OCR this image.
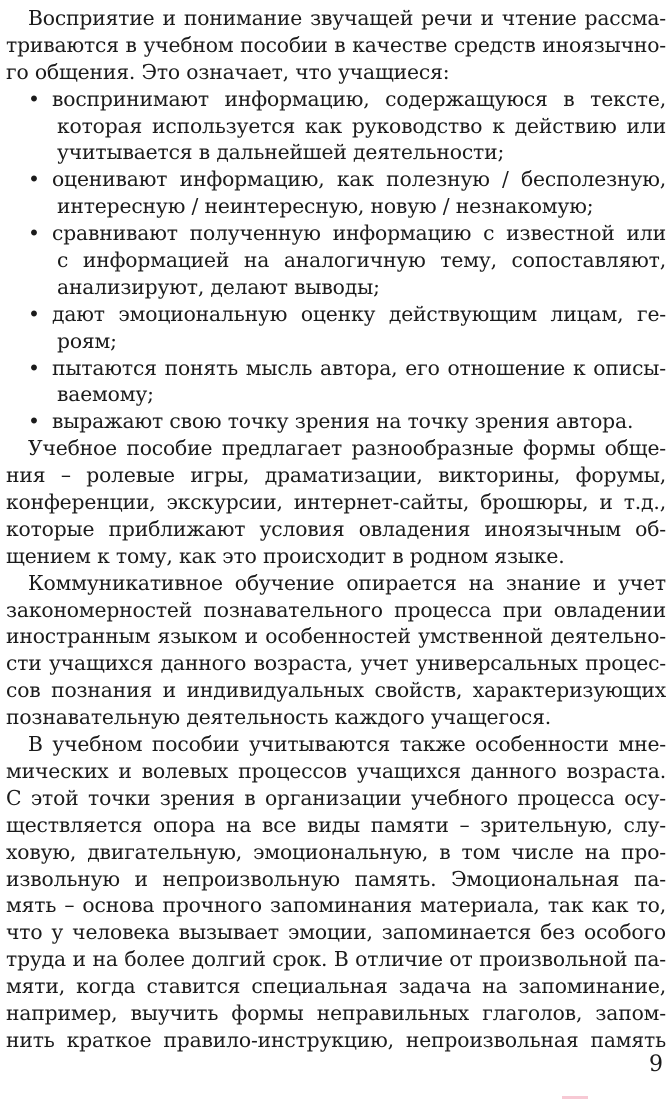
Восприятие и понимание звучащей речи и чтение рассма-
триваются в учебном пособии в качестве средств иноязычно-
го общения. Это означает, что учащиеся:

• воспринимают информацию, содержащуюся в тексте,
которая используется как руководство к действию или
учитывается в дальнейшей деятельности;
• оценивают информацию, как полезную / бесполезную,
интересную / неинтересную, новую / незнакомую;
• сравнивают полученную информацию с известной или
с информацией на аналогичную тему, сопоставляют,
анализируют, делают выводы;
• дают эмоциональную оценку действующим лицам, ге-
роям;
• пытаются понять мысль автора, его отношение к описы-
ваемому;
• выражают свою точку зрения на точку зрения автора.

Учебное пособие предлагает разнообразные формы обще-
ния – ролевые игры, драматизации, викторины, форумы,
конференции, экскурсии, интернет-сайты, брошюры, и т.д.,
которые приближают условия овладения иноязычным об-
щением к тому, как это происходит в родном языке.

Коммуникативное обучение опирается на знание и учет
закономерностей познавательного процесса при овладении
иностранным языком и особенностей умственной деятельно-
сти учащихся данного возраста, учет универсальных процес-
сов познания и индивидуальных свойств, характеризующих
познавательную деятельность каждого учащегося.

В учебном пособии учитываются также особенности мне-
мических и волевых процессов учащихся данного возраста.
С этой точки зрения в организации учебного процесса осу-
ществляется опора на все виды памяти – зрительную, слу-
ховую, двигательную, эмоциональную, в том числе на про-
извольную и непроизвольную память. Эмоциональная па-
мять – основа прочного запоминания материала, так как то,
что у человека вызывает эмоции, запоминается без особого
труда и на более долгий срок. В отличие от произвольной па-
мяти, когда ставится специальная задача на запоминание,
например, выучить формы неправильных глаголов, запом-
нить краткое правило-инструкцию, непроизвольная память

9
